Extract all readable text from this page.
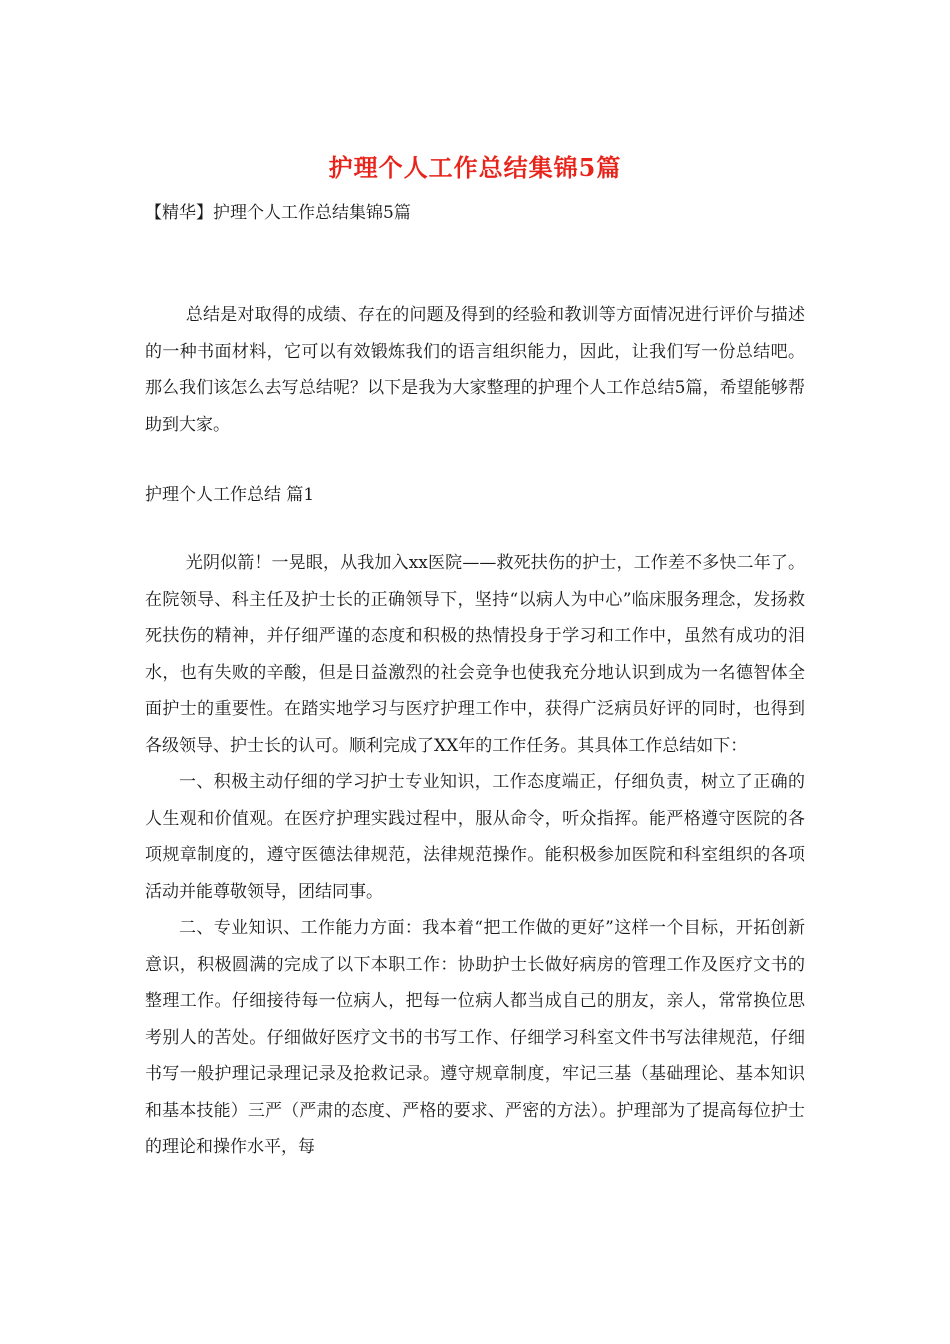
护理个人工作总结集锦5篇
【精华】护理个人工作总结集锦5篇
总结是对取得的成绩、存在的问题及得到的经验和教训等方面情况进行评价与描述的一种书面材料，它可以有效锻炼我们的语言组织能力，因此，让我们写一份总结吧。那么我们该怎么去写总结呢？以下是我为大家整理的护理个人工作总结5篇，希望能够帮助到大家。
护理个人工作总结 篇1

光阴似箭！一晃眼，从我加入xx医院——救死扶伤的护士，工作差不多快二年了。在院领导、科主任及护士长的正确领导下，坚持“以病人为中心”临床服务理念，发扬救死扶伤的精神，并仔细严谨的态度和积极的热情投身于学习和工作中，虽然有成功的泪水，也有失败的辛酸，但是日益激烈的社会竞争也使我充分地认识到成为一名德智体全面护士的重要性。在踏实地学习与医疗护理工作中，获得广泛病员好评的同时，也得到各级领导、护士长的认可。顺利完成了XX年的工作任务。其具体工作总结如下：

一、积极主动仔细的学习护士专业知识，工作态度端正，仔细负责，树立了正确的人生观和价值观。在医疗护理实践过程中，服从命令，听众指挥。能严格遵守医院的各项规章制度的，遵守医德法律规范，法律规范操作。能积极参加医院和科室组织的各项活动并能尊敬领导，团结同事。

二、专业知识、工作能力方面：我本着“把工作做的更好”这样一个目标，开拓创新意识，积极圆满的完成了以下本职工作：协助护士长做好病房的管理工作及医疗文书的整理工作。仔细接待每一位病人，把每一位病人都当成自己的朋友，亲人，常常换位思考别人的苦处。仔细做好医疗文书的书写工作、仔细学习科室文件书写法律规范，仔细书写一般护理记录理记录及抢救记录。遵守规章制度，牢记三基（基础理论、基本知识和基本技能）三严（严肃的态度、严格的要求、严密的方法）。护理部为了提高每位护士的理论和操作水平，每
